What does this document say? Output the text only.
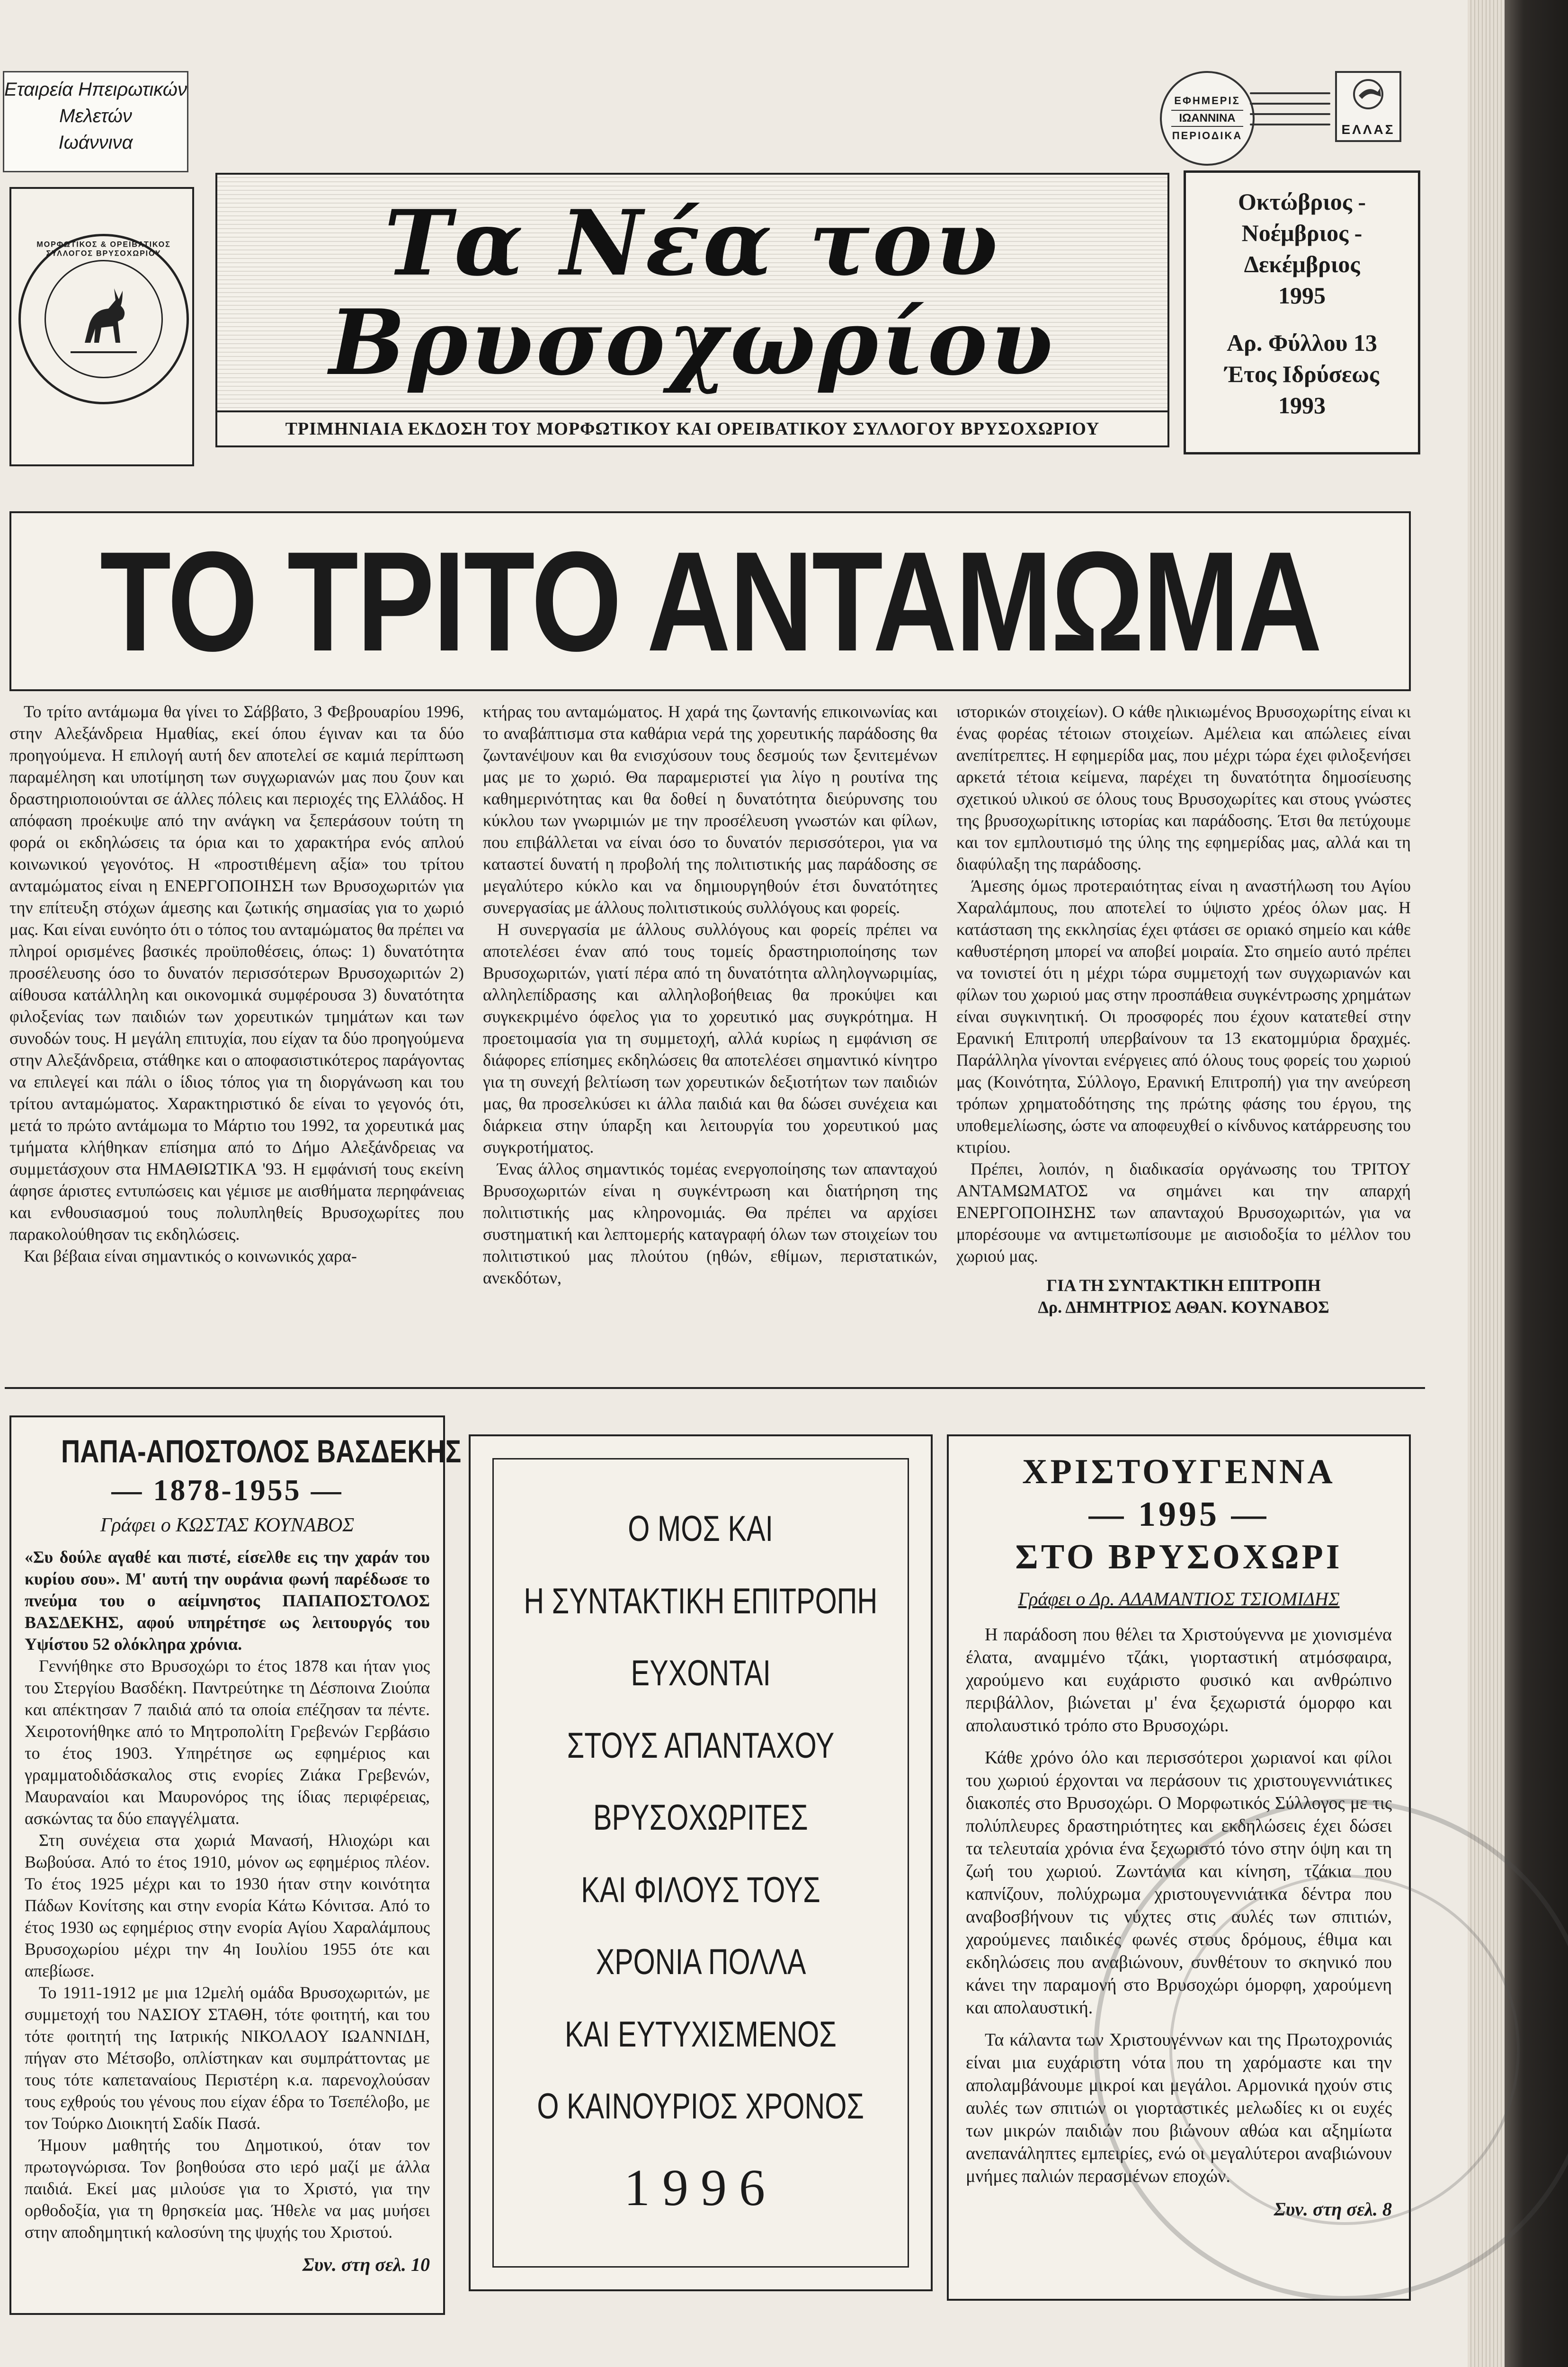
Εταιρεία Ηπειρωτικών
Μελετών
Ιωάννινα
ΕΦΗΜΕΡΙΣ
ΙΩΑΝΝΙΝΑ
ΠΕΡΙΟΔΙΚΑ	ΕΛΛΑΣ
ΜΟΡΦΩΤΙΚΟΣ & ΟΡΕΙΒΑΤΙΚΟΣ ΣΥΛΛΟΓΟΣ ΒΡΥΣΟΧΩΡΙΟΥ Τα Νέα του
Βρυσοχωρίου
ΤΡΙΜΗΝΙΑΙΑ ΕΚΔΟΣΗ ΤΟΥ ΜΟΡΦΩΤΙΚΟΥ ΚΑΙ ΟΡΕΙΒΑΤΙΚΟΥ ΣΥΛΛΟΓΟΥ ΒΡΥΣΟΧΩΡΙΟΥ
Οκτώβριος -
Νοέμβριος -
Δεκέμβριος
1995
Αρ. Φύλλου 13
Έτος Ιδρύσεως
1993
ΤΟ ΤΡΙΤΟ ΑΝΤΑΜΩΜΑ

Το τρίτο αντάμωμα θα γίνει το Σάββατο, 3 Φεβρουαρίου 1996, στην Αλεξάνδρεια Ημαθίας, εκεί όπου έγιναν και τα δύο προηγούμενα. Η επιλογή αυτή δεν αποτελεί σε καμιά περίπτωση παραμέληση και υποτίμηση των συγχωριανών μας που ζουν και δραστηριοποιούνται σε άλλες πόλεις και περιοχές της Ελλάδος. Η απόφαση προέκυψε από την ανάγκη να ξεπεράσουν τούτη τη φορά οι εκδηλώσεις τα όρια και το χαρακτήρα ενός απλού κοινωνικού γεγονότος. Η «προστιθέμενη αξία» του τρίτου ανταμώματος είναι η ΕΝΕΡΓΟΠΟΙΗΣΗ των Βρυσοχωριτών για την επίτευξη στόχων άμεσης και ζωτικής σημασίας για το χωριό μας. Και είναι ευνόητο ότι ο τόπος του ανταμώματος θα πρέπει να πληροί ορισμένες βασικές προϋποθέσεις, όπως: 1) δυνατότητα προσέλευσης όσο το δυνατόν περισσότερων Βρυσοχωριτών 2) αίθουσα κατάλληλη και οικονομικά συμφέρουσα 3) δυνατότητα φιλοξενίας των παιδιών των χορευτικών τμημάτων και των συνοδών τους. Η μεγάλη επιτυχία, που είχαν τα δύο προηγούμενα στην Αλεξάνδρεια, στάθηκε και ο αποφασιστικότερος παράγοντας να επιλεγεί και πάλι ο ίδιος τόπος για τη διοργάνωση και του τρίτου ανταμώματος. Χαρακτηριστικό δε είναι το γεγονός ότι, μετά το πρώτο αντάμωμα το Μάρτιο του 1992, τα χορευτικά μας τμήματα κλήθηκαν επίσημα από το Δήμο Αλεξάνδρειας να συμμετάσχουν στα ΗΜΑΘΙΩΤΙΚΑ '93. Η εμφάνισή τους εκείνη άφησε άριστες εντυπώσεις και γέμισε με αισθήματα περηφάνειας και ενθουσιασμού τους πολυπληθείς Βρυσοχωρίτες που παρακολούθησαν τις εκδηλώσεις.

Και βέβαια είναι σημαντικός ο κοινωνικός χαρα-

κτήρας του ανταμώματος. Η χαρά της ζωντανής επικοινωνίας και το αναβάπτισμα στα καθάρια νερά της χορευτικής παράδοσης θα ζωντανέψουν και θα ενισχύσουν τους δεσμούς των ξενιτεμένων μας με το χωριό. Θα παραμεριστεί για λίγο η ρουτίνα της καθημερινότητας και θα δοθεί η δυνατότητα διεύρυνσης του κύκλου των γνωριμιών με την προσέλευση γνωστών και φίλων, που επιβάλλεται να είναι όσο το δυνατόν περισσότεροι, για να καταστεί δυνατή η προβολή της πολιτιστικής μας παράδοσης σε μεγαλύτερο κύκλο και να δημιουργηθούν έτσι δυνατότητες συνεργασίας με άλλους πολιτιστικούς συλλόγους και φορείς.

Η συνεργασία με άλλους συλλόγους και φορείς πρέπει να αποτελέσει έναν από τους τομείς δραστηριοποίησης των Βρυσοχωριτών, γιατί πέρα από τη δυνατότητα αλληλογνωριμίας, αλληλεπίδρασης και αλληλοβοήθειας θα προκύψει και συγκεκριμένο όφελος για το χορευτικό μας συγκρότημα. Η προετοιμασία για τη συμμετοχή, αλλά κυρίως η εμφάνιση σε διάφορες επίσημες εκδηλώσεις θα αποτελέσει σημαντικό κίνητρο για τη συνεχή βελτίωση των χορευτικών δεξιοτήτων των παιδιών μας, θα προσελκύσει κι άλλα παιδιά και θα δώσει συνέχεια και διάρκεια στην ύπαρξη και λειτουργία του χορευτικού μας συγκροτήματος.

Ένας άλλος σημαντικός τομέας ενεργοποίησης των απανταχού Βρυσοχωριτών είναι η συγκέντρωση και διατήρηση της πολιτιστικής μας κληρονομιάς. Θα πρέπει να αρχίσει συστηματική και λεπτομερής καταγραφή όλων των στοιχείων του πολιτιστικού μας πλούτου (ηθών, εθίμων, περιστατικών, ανεκδότων,

ιστορικών στοιχείων). Ο κάθε ηλικιωμένος Βρυσοχωρίτης είναι κι ένας φορέας τέτοιων στοιχείων. Αμέλεια και απώλειες είναι ανεπίτρεπτες. Η εφημερίδα μας, που μέχρι τώρα έχει φιλοξενήσει αρκετά τέτοια κείμενα, παρέχει τη δυνατότητα δημοσίευσης σχετικού υλικού σε όλους τους Βρυσοχωρίτες και στους γνώστες της βρυσοχωρίτικης ιστορίας και παράδοσης. Έτσι θα πετύχουμε και τον εμπλουτισμό της ύλης της εφημερίδας μας, αλλά και τη διαφύλαξη της παράδοσης.

Άμεσης όμως προτεραιότητας είναι η αναστήλωση του Αγίου Χαραλάμπους, που αποτελεί το ύψιστο χρέος όλων μας. Η κατάσταση της εκκλησίας έχει φτάσει σε οριακό σημείο και κάθε καθυστέρηση μπορεί να αποβεί μοιραία. Στο σημείο αυτό πρέπει να τονιστεί ότι η μέχρι τώρα συμμετοχή των συγχωριανών και φίλων του χωριού μας στην προσπάθεια συγκέντρωσης χρημάτων είναι συγκινητική. Οι προσφορές που έχουν κατατεθεί στην Ερανική Επιτροπή υπερβαίνουν τα 13 εκατομμύρια δραχμές. Παράλληλα γίνονται ενέργειες από όλους τους φορείς του χωριού μας (Κοινότητα, Σύλλογο, Ερανική Επιτροπή) για την ανεύρεση τρόπων χρηματοδότησης της πρώτης φάσης του έργου, της υποθεμελίωσης, ώστε να αποφευχθεί ο κίνδυνος κατάρρευσης του κτιρίου.

Πρέπει, λοιπόν, η διαδικασία οργάνωσης του ΤΡΙΤΟΥ ΑΝΤΑΜΩΜΑΤΟΣ να σημάνει και την απαρχή ΕΝΕΡΓΟΠΟΙΗΣΗΣ των απανταχού Βρυσοχωριτών, για να μπορέσουμε να αντιμετωπίσουμε με αισιοδοξία το μέλλον του χωριού μας.

ΓΙΑ ΤΗ ΣΥΝΤΑΚΤΙΚΗ ΕΠΙΤΡΟΠΗ
Δρ. ΔΗΜΗΤΡΙΟΣ ΑΘΑΝ. ΚΟΥΝΑΒΟΣ
ΠΑΠΑ-ΑΠΟΣΤΟΛΟΣ ΒΑΣΔΕΚΗΣ
— 1878-1955 —
Γράφει ο ΚΩΣΤΑΣ ΚΟΥΝΑΒΟΣ

«Συ δούλε αγαθέ και πιστέ, είσελθε εις την χαράν του κυρίου σου». Μ' αυτή την ουράνια φωνή παρέδωσε το πνεύμα του ο αείμνηστος ΠΑΠΑΠΟΣΤΟΛΟΣ ΒΑΣΔΕΚΗΣ, αφού υπηρέτησε ως λειτουργός του Υψίστου 52 ολόκληρα χρόνια.

Γεννήθηκε στο Βρυσοχώρι το έτος 1878 και ήταν γιος του Στεργίου Βασδέκη. Παντρεύτηκε τη Δέσποινα Ζιούπα και απέκτησαν 7 παιδιά από τα οποία επέζησαν τα πέντε. Χειροτονήθηκε από το Μητροπολίτη Γρεβενών Γερβάσιο το έτος 1903. Υπηρέτησε ως εφημέριος και γραμματοδιδάσκαλος στις ενορίες Ζιάκα Γρεβενών, Μαυραναίοι και Μαυρονόρος της ίδιας περιφέρειας, ασκώντας τα δύο επαγγέλματα.

Στη συνέχεια στα χωριά Μανασή, Ηλιοχώρι και Βωβούσα. Από το έτος 1910, μόνον ως εφημέριος πλέον. Το έτος 1925 μέχρι και το 1930 ήταν στην κοινότητα Πάδων Κονίτσης και στην ενορία Κάτω Κόνιτσα. Από το έτος 1930 ως εφημέριος στην ενορία Αγίου Χαραλάμπους Βρυσοχωρίου μέχρι την 4η Ιουλίου 1955 ότε και απεβίωσε.

Το 1911-1912 με μια 12μελή ομάδα Βρυσοχωριτών, με συμμετοχή του ΝΑΣΙΟΥ ΣΤΑΘΗ, τότε φοιτητή, και του τότε φοιτητή της Ιατρικής ΝΙΚΟΛΑΟΥ ΙΩΑΝΝΙΔΗ, πήγαν στο Μέτσοβο, οπλίστηκαν και συμπράττοντας με τους τότε καπεταναίους Περιστέρη κ.α. παρενοχλούσαν τους εχθρούς του γένους που είχαν έδρα το Τσεπέλοβο, με τον Τούρκο Διοικητή Σαδίκ Πασά.

Ήμουν μαθητής του Δημοτικού, όταν τον πρωτογνώρισα. Τον βοηθούσα στο ιερό μαζί με άλλα παιδιά. Εκεί μας μιλούσε για το Χριστό, για την ορθοδοξία, για τη θρησκεία μας. Ήθελε να μας μυήσει στην αποδημητική καλοσύνη της ψυχής του Χριστού.

Συν. στη σελ. 10
Ο ΜΟΣ ΚΑΙ
Η ΣΥΝΤΑΚΤΙΚΗ ΕΠΙΤΡΟΠΗ
ΕΥΧΟΝΤΑΙ
ΣΤΟΥΣ ΑΠΑΝΤΑΧΟΥ
ΒΡΥΣΟΧΩΡΙΤΕΣ
ΚΑΙ ΦΙΛΟΥΣ ΤΟΥΣ
ΧΡΟΝΙΑ ΠΟΛΛΑ
ΚΑΙ ΕΥΤΥΧΙΣΜΕΝΟΣ
Ο ΚΑΙΝΟΥΡΙΟΣ ΧΡΟΝΟΣ
1996
ΧΡΙΣΤΟΥΓΕΝΝΑ
— 1995 —
ΣΤΟ ΒΡΥΣΟΧΩΡΙ
Γράφει ο Δρ. ΑΔΑΜΑΝΤΙΟΣ ΤΣΙΟΜΙΔΗΣ

Η παράδοση που θέλει τα Χριστούγεννα με χιονισμένα έλατα, αναμμένο τζάκι, γιορταστική ατμόσφαιρα, χαρούμενο και ευχάριστο φυσικό και ανθρώπινο περιβάλλον, βιώνεται μ' ένα ξεχωριστά όμορφο και απολαυστικό τρόπο στο Βρυσοχώρι.

Κάθε χρόνο όλο και περισσότεροι χωριανοί και φίλοι του χωριού έρχονται να περάσουν τις χριστουγεννιάτικες διακοπές στο Βρυσοχώρι. Ο Μορφωτικός Σύλλογος με τις πολύπλευρες δραστηριότητες και εκδηλώσεις έχει δώσει τα τελευταία χρόνια ένα ξεχωριστό τόνο στην όψη και τη ζωή του χωριού. Ζωντάνια και κίνηση, τζάκια που καπνίζουν, πολύχρωμα χριστουγεννιάτικα δέντρα που αναβοσβήνουν τις νύχτες στις αυλές των σπιτιών, χαρούμενες παιδικές φωνές στους δρόμους, έθιμα και εκδηλώσεις που αναβιώνουν, συνθέτουν το σκηνικό που κάνει την παραμονή στο Βρυσοχώρι όμορφη, χαρούμενη και απολαυστική.

Τα κάλαντα των Χριστουγέννων και της Πρωτοχρονιάς είναι μια ευχάριστη νότα που τη χαρόμαστε και την απολαμβάνουμε μικροί και μεγάλοι. Αρμονικά ηχούν στις αυλές των σπιτιών οι γιορταστικές μελωδίες κι οι ευχές των μικρών παιδιών που βιώνουν αθώα και αξημίωτα ανεπανάληπτες εμπειρίες, ενώ οι μεγαλύτεροι αναβιώνουν μνήμες παλιών περασμένων εποχών.

Συν. στη σελ. 8
